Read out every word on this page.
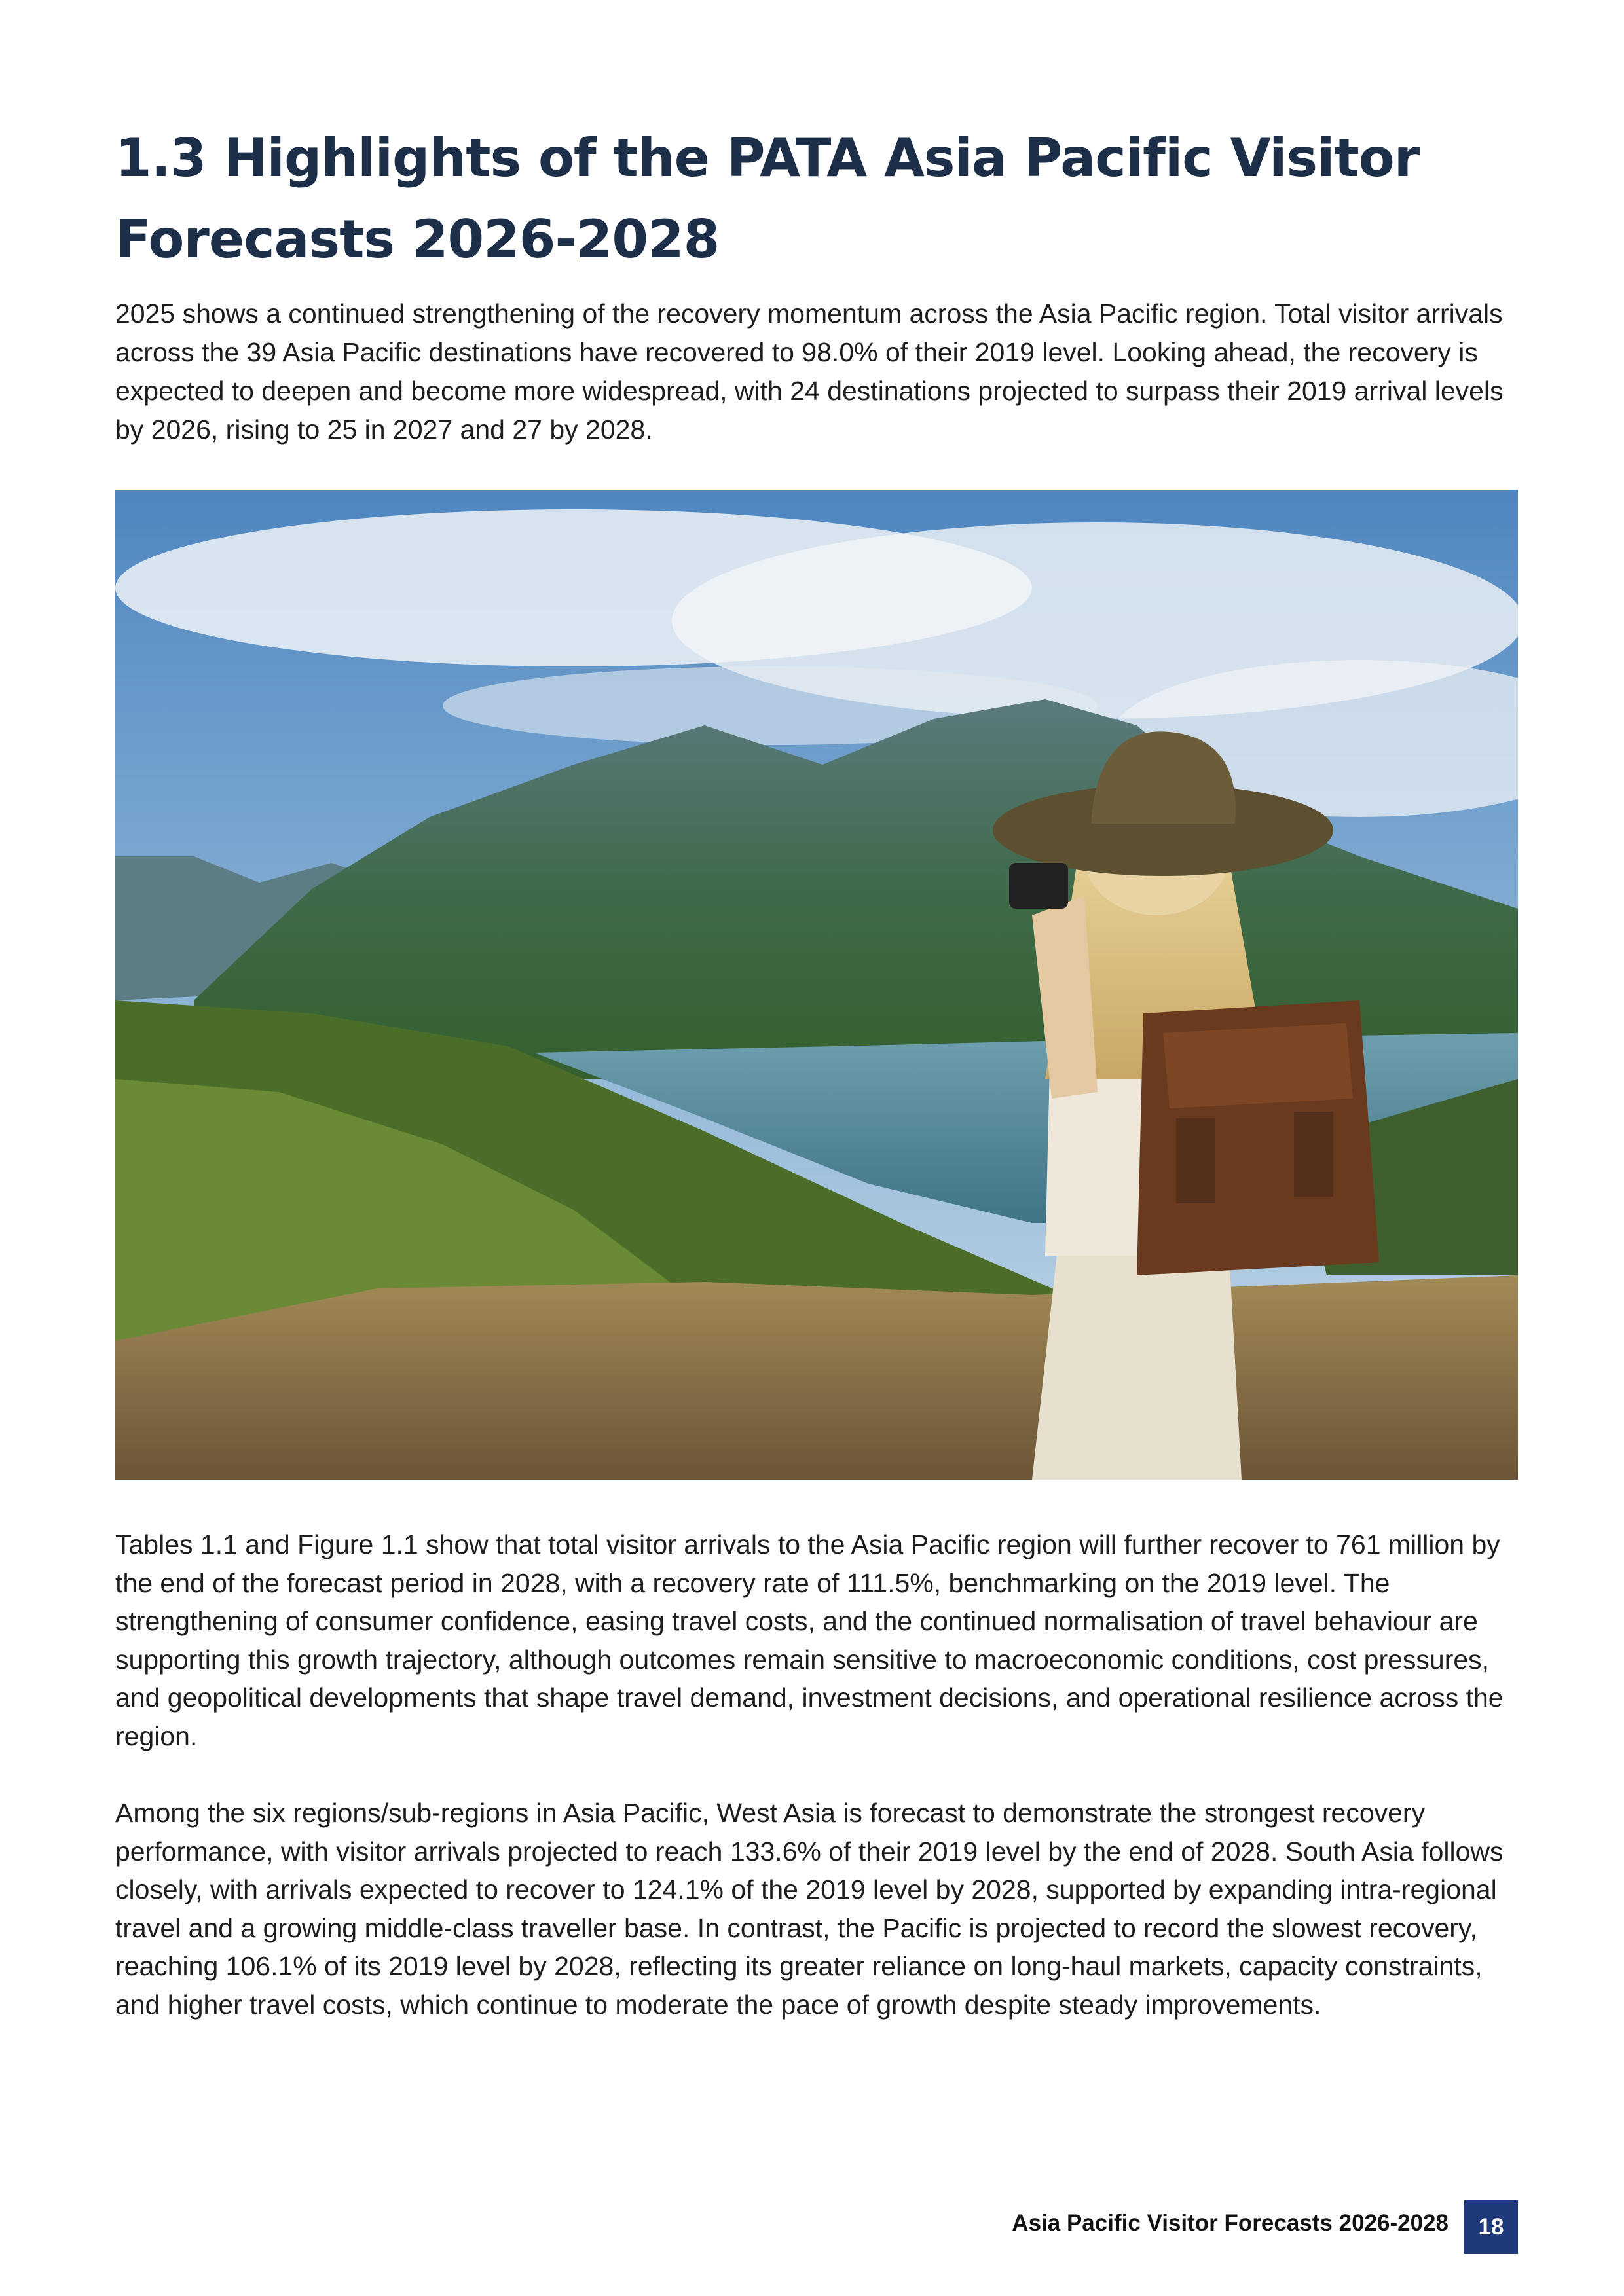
1.3 Highlights of the PATA Asia Pacific Visitor Forecasts 2026-2028

2025 shows a continued strengthening of the recovery momentum across the Asia Pacific region. Total visitor arrivals across the 39 Asia Pacific destinations have recovered to 98.0% of their 2019 level. Looking ahead, the recovery is expected to deepen and become more widespread, with 24 destinations projected to surpass their 2019 arrival levels by 2026, rising to 25 in 2027 and 27 by 2028.

Tables 1.1 and Figure 1.1 show that total visitor arrivals to the Asia Pacific region will further recover to 761 million by the end of the forecast period in 2028, with a recovery rate of 111.5%, benchmarking on the 2019 level. The strengthening of consumer confidence, easing travel costs, and the continued normalisation of travel behaviour are supporting this growth trajectory, although outcomes remain sensitive to macroeconomic conditions, cost pressures, and geopolitical developments that shape travel demand, investment decisions, and operational resilience across the region.

Among the six regions/sub-regions in Asia Pacific, West Asia is forecast to demonstrate the strongest recovery performance, with visitor arrivals projected to reach 133.6% of their 2019 level by the end of 2028. South Asia follows closely, with arrivals expected to recover to 124.1% of the 2019 level by 2028, supported by expanding intra-regional travel and a growing middle-class traveller base. In contrast, the Pacific is projected to record the slowest recovery, reaching 106.1% of its 2019 level by 2028, reflecting its greater reliance on long-haul markets, capacity constraints, and higher travel costs, which continue to moderate the pace of growth despite steady improvements.

Asia Pacific Visitor Forecasts 2026-2028	18
